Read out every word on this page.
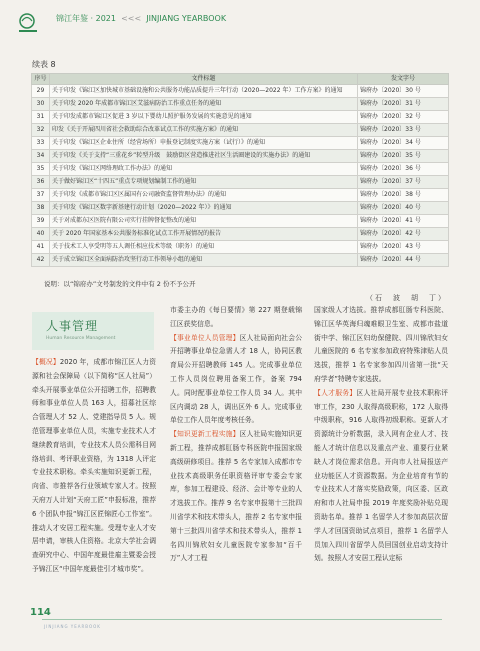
锦江年鉴 · 2021 <<< JINJIANG YEARBOOK
续表 8
序号	文件标题	发文字号
29	关于印发《锦江区加快城市基础设施和公共服务功能品质提升三年行动（2020—2022 年）工作方案》的通知	锦府办〔2020〕30 号
30	关于印发 2020 年成都市锦江区艾滋病防治工作重点任务的通知	锦府办〔2020〕31 号
31	关于印发成都市锦江区促进 3 岁以下婴幼儿照护服务发展的实施意见的通知	锦府办〔2020〕32 号
32	印发《关于开展四川省社会救助综合改革试点工作的实施方案》的通知	锦府办〔2020〕33 号
33	关于印发《锦江区企业住所（经营场所）申报登记制度实施方案（试行）》的通知	锦府办〔2020〕34 号
34	关于印发《关于支持“三重花乡”转型升级　鼓励街区营造推进社区生活圈建设的实施办法》的通知	锦府办〔2020〕35 号
35	关于印发《锦江区网络理政工作办法》的通知	锦府办〔2020〕36 号
36	关于做好锦江区“十四五”重点专项规划编制工作的通知	锦府办〔2020〕37 号
37	关于印发《成都市锦江区区属国有公司融资监督管理办法》的通知	锦府办〔2020〕38 号
38	关于印发《锦江区数字新基建行动计划（2020—2022 年）》的通知	锦府办〔2020〕40 号
39	关于对成都东区医院有限公司实行挂牌督促整改的通知	锦府办〔2020〕41 号
40	关于 2020 年国家基本公共服务标准化试点工作开展情况的报告	锦府办〔2020〕42 号
41	关于技术工人享受明等五人调任相应技术等级（职务）的通知	锦府办〔2020〕43 号
42	关于成立锦江区全面病防治攻坚行动工作领导小组的通知	锦府办〔2020〕44 号
说明：以“锦府办”文号制发的文件中有 2 份不予公开
（石　波　胡　丁）
人事管理
Human Resource Management

【概况】2020 年，成都市锦江区人力资源和社会保障局（以下简称“区人社局”）牵头开展事业单位公开招聘工作，招聘教师和事业单位人员 163 人，招募社区综合管理人才 52 人、党建指导员 5 人。规范管理事业单位人员，实施专业技术人才继续教育培训，专业技术人员公需科目网络培训、考评职业资格，为 1318 人评定专业技术职称。牵头实施知识更新工程，向省、市推荐各行业领域专家人才。按照天府万人计划“天府工匠”申报标准，推荐 6 个团队申报“锦江区匠锦匠心工作室”。推动人才安居工程实施。受理专业人才安居申请，审核人住资格。北京大学社会调查研究中心、中国年度最佳雇主暨委会授予锦江区“中国年度最佳引才城市奖”。

市委主办的《每日要情》第 227 期登载锦江区获奖信息。

【事业单位人员管理】区人社局面向社会公开招聘事业单位急需人才 18 人，协同区教育局公开招聘教师 145 人。完成事业单位工作人员岗位聘用备案工作，备案 794 人。同时配事业单位工作人员 34 人。其中区内调动 28 人，调出区外 6 人。完成事业单位工作人员年度考核任务。

【知识更新工程实施】区人社局实施知识更新工程，推荐成都肛肠专科医院申报国家级高级研修项目。推荐 5 名专家加入成都市专业技术高级职务任职资格评审专委会专家库，参加工程建设、经济、会计等专业的人才选拔工作。推荐 9 名专家申报第十三批四川省学术和技术带头人，推荐 2 名专家申报第十三批四川省学术和技术带头人，推荐 1 名四川锦欣妇女儿童医院专家参加“百千万”人才工程

国家级人才选拔。推荐成都肛肠专科医院、锦江区华英海归魂难眼卫生室、成都市盐道街中学、锦江区妇幼保健院、四川锦欣妇女儿童医院的 6 名专家参加政府特殊津贴人员选拔，推荐 1 名专家参加四川省第一批“天府学者”特聘专家选拔。

【人才服务】区人社局开展专业技术职称评审工作，230 人取得高级职称，172 人取得中级职称，916 人取得初级职称。更新人才资源统计分析数据，录入网有企业人才、技能人才统计信息以及重点产业、重要行业紧缺人才岗位需求信息。开向市人社局报送产业功能区人才资源数据。为企业培育有节的专业技术人才落实奖励政策，向区委、区政府和市人社局申报 2019 年度奖励补贴兑现资助名单。推荐 1 名留学人才参加高层次留学人才回国资助试点项目，推荐 1 名留学人员加入四川省留学人员回国创业启动支持计划。按照人才安居工程认定标

114
JINJIANG YEARBOOK
